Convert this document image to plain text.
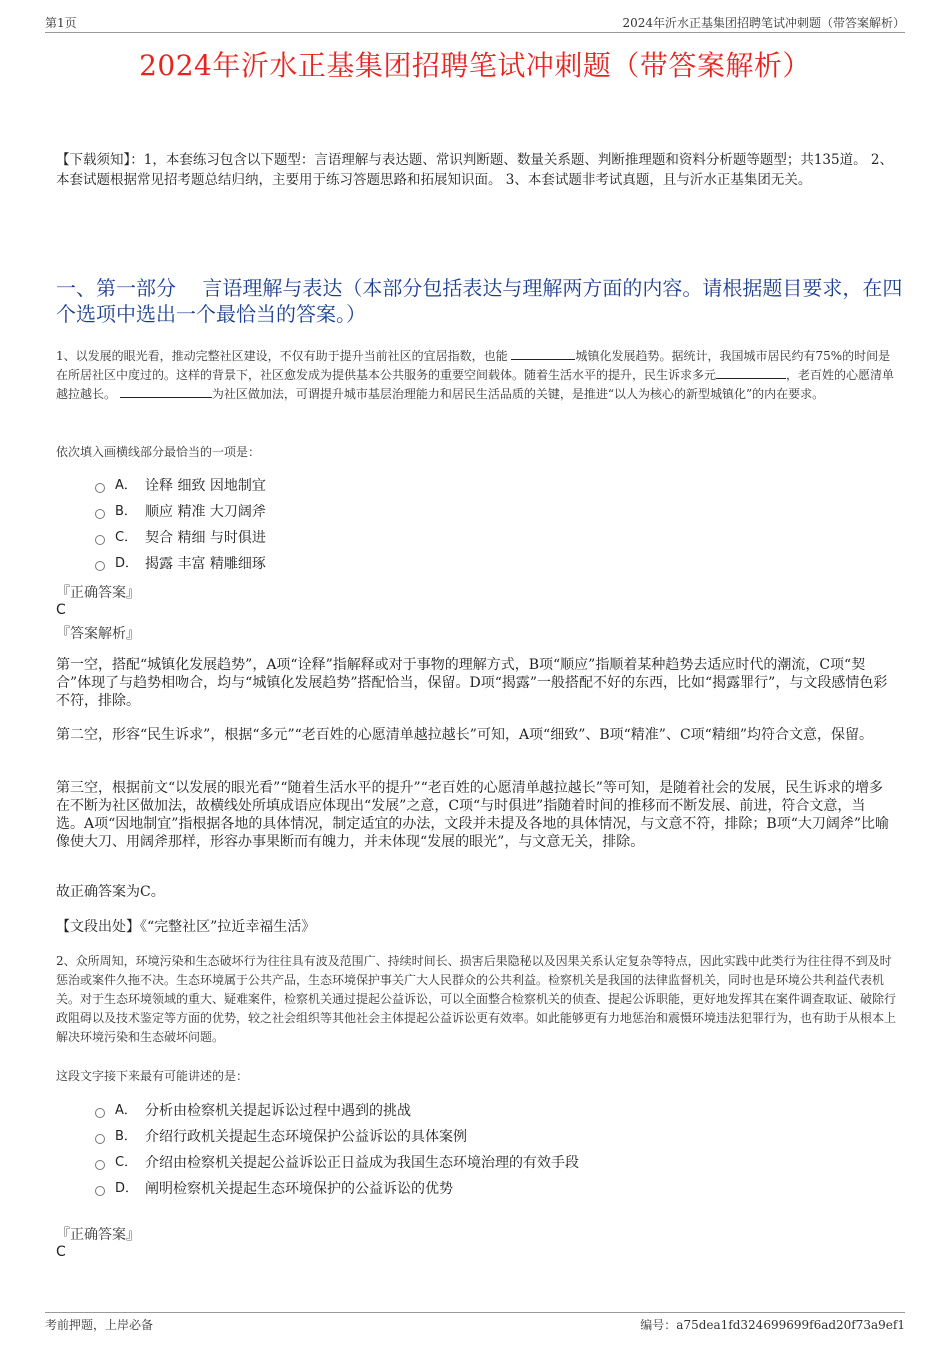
第1页	2024年沂水正基集团招聘笔试冲刺题（带答案解析）
2024年沂水正基集团招聘笔试冲刺题（带答案解析）
【下载须知】：1，本套练习包含以下题型：言语理解与表达题、常识判断题、数量关系题、判断推理题和资料分析题等题型；共135道。 2、本套试题根据常见招考题总结归纳，主要用于练习答题思路和拓展知识面。 3、本套试题非考试真题，且与沂水正基集团无关。
一、第一部分　 言语理解与表达（本部分包括表达与理解两方面的内容。请根据题目要求，在四个选项中选出一个最恰当的答案。）
1、以发展的眼光看，推动完整社区建设，不仅有助于提升当前社区的宜居指数，也能	城镇化发展趋势。据统计，我国城市居民约有75%的时间是在所居社区中度过的。这样的背景下，社区愈发成为提供基本公共服务的重要空间载体。随着生活水平的提升，民生诉求多元	，老百姓的心愿清单越拉越长。	为社区做加法，可谓提升城市基层治理能力和居民生活品质的关键，是推进“以人为核心的新型城镇化”的内在要求。
依次填入画横线部分最恰当的一项是：
A． 诠释 细致 因地制宜
B． 顺应 精准 大刀阔斧
C． 契合 精细 与时俱进
D． 揭露 丰富 精雕细琢
『正确答案』
C
『答案解析』
第一空，搭配“城镇化发展趋势”，A项“诠释”指解释或对于事物的理解方式，B项“顺应”指顺着某种趋势去适应时代的潮流，C项“契合”体现了与趋势相吻合，均与“城镇化发展趋势”搭配恰当，保留。D项“揭露”一般搭配不好的东西，比如“揭露罪行”，与文段感情色彩不符，排除。
第二空，形容“民生诉求”，根据“多元”“老百姓的心愿清单越拉越长”可知，A项“细致”、B项“精准”、C项“精细”均符合文意，保留。
第三空，根据前文“以发展的眼光看”“随着生活水平的提升”“老百姓的心愿清单越拉越长”等可知，是随着社会的发展，民生诉求的增多在不断为社区做加法，故横线处所填成语应体现出“发展”之意，C项“与时俱进”指随着时间的推移而不断发展、前进，符合文意，当选。A项“因地制宜”指根据各地的具体情况，制定适宜的办法，文段并未提及各地的具体情况，与文意不符，排除；B项“大刀阔斧”比喻像使大刀、用阔斧那样，形容办事果断而有魄力，并未体现“发展的眼光”，与文意无关，排除。
故正确答案为C。
【文段出处】《“完整社区”拉近幸福生活》
2、众所周知，环境污染和生态破坏行为往往具有波及范围广、持续时间长、损害后果隐秘以及因果关系认定复杂等特点，因此实践中此类行为往往得不到及时惩治或案件久拖不决。生态环境属于公共产品，生态环境保护事关广大人民群众的公共利益。检察机关是我国的法律监督机关，同时也是环境公共利益代表机关。对于生态环境领域的重大、疑难案件，检察机关通过提起公益诉讼，可以全面整合检察机关的侦查、提起公诉职能，更好地发挥其在案件调查取证、破除行政阻碍以及技术鉴定等方面的优势，较之社会组织等其他社会主体提起公益诉讼更有效率。如此能够更有力地惩治和震慑环境违法犯罪行为，也有助于从根本上解决环境污染和生态破坏问题。
这段文字接下来最有可能讲述的是：
A． 分析由检察机关提起诉讼过程中遇到的挑战
B． 介绍行政机关提起生态环境保护公益诉讼的具体案例
C． 介绍由检察机关提起公益诉讼正日益成为我国生态环境治理的有效手段
D． 阐明检察机关提起生态环境保护的公益诉讼的优势
『正确答案』
C
考前押题，上岸必备	编号：a75dea1fd324699699f6ad20f73a9ef1
